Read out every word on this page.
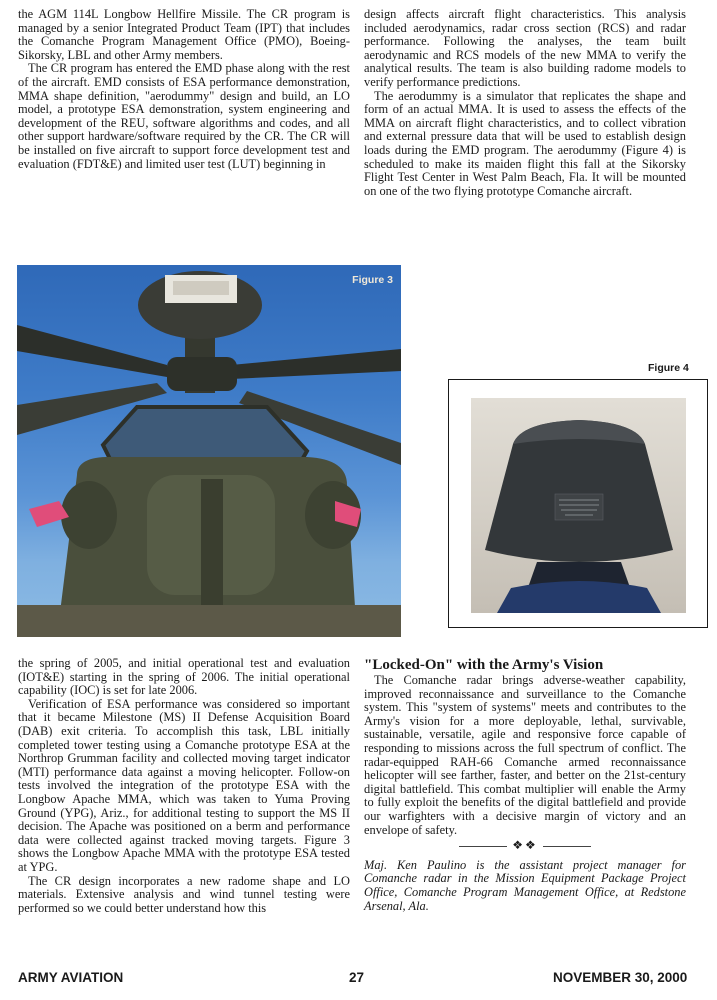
the AGM 114L Longbow Hellfire Missile. The CR program is managed by a senior Integrated Product Team (IPT) that includes the Comanche Program Management Office (PMO), Boeing-Sikorsky, LBL and other Army members.

The CR program has entered the EMD phase along with the rest of the aircraft. EMD consists of ESA performance demonstration, MMA shape definition, "aerodummy" design and build, an LO model, a prototype ESA demonstration, system engineering and development of the REU, software algorithms and codes, and all other support hardware/software required by the CR. The CR will be installed on five aircraft to support force development test and evaluation (FDT&E) and limited user test (LUT) beginning in

design affects aircraft flight characteristics. This analysis included aerodynamics, radar cross section (RCS) and radar performance. Following the analyses, the team built aerodynamic and RCS models of the new MMA to verify the analytical results. The team is also building radome models to verify performance predictions.

The aerodummy is a simulator that replicates the shape and form of an actual MMA. It is used to assess the effects of the MMA on aircraft flight characteristics, and to collect vibration and external pressure data that will be used to establish design loads during the EMD program. The aerodummy (Figure 4) is scheduled to make its maiden flight this fall at the Sikorsky Flight Test Center in West Palm Beach, Fla. It will be mounted on one of the two flying prototype Comanche aircraft.

Figure 3
Figure 4

the spring of 2005, and initial operational test and evaluation (IOT&E) starting in the spring of 2006. The initial operational capability (IOC) is set for late 2006.

Verification of ESA performance was considered so important that it became Milestone (MS) II Defense Acquisition Board (DAB) exit criteria. To accomplish this task, LBL initially completed tower testing using a Comanche prototype ESA at the Northrop Grumman facility and collected moving target indicator (MTI) performance data against a moving helicopter. Follow-on tests involved the integration of the prototype ESA with the Longbow Apache MMA, which was taken to Yuma Proving Ground (YPG), Ariz., for additional testing to support the MS II decision. The Apache was positioned on a berm and performance data were collected against tracked moving targets. Figure 3 shows the Longbow Apache MMA with the prototype ESA tested at YPG.

The CR design incorporates a new radome shape and LO materials. Extensive analysis and wind tunnel testing were performed so we could better understand how this

"Locked-On" with the Army's Vision

The Comanche radar brings adverse-weather capability, improved reconnaissance and surveillance to the Comanche system. This "system of systems" meets and contributes to the Army's vision for a more deployable, lethal, survivable, sustainable, versatile, agile and responsive force capable of responding to missions across the full spectrum of conflict. The radar-equipped RAH-66 Comanche armed reconnaissance helicopter will see farther, faster, and better on the 21st-century digital battlefield. This combat multiplier will enable the Army to fully exploit the benefits of the digital battlefield and provide our warfighters with a decisive margin of victory and an envelope of safety.

❖❖

Maj. Ken Paulino is the assistant project manager for Comanche radar in the Mission Equipment Package Project Office, Comanche Program Management Office, at Redstone Arsenal, Ala.

ARMY AVIATION	27	NOVEMBER 30, 2000
